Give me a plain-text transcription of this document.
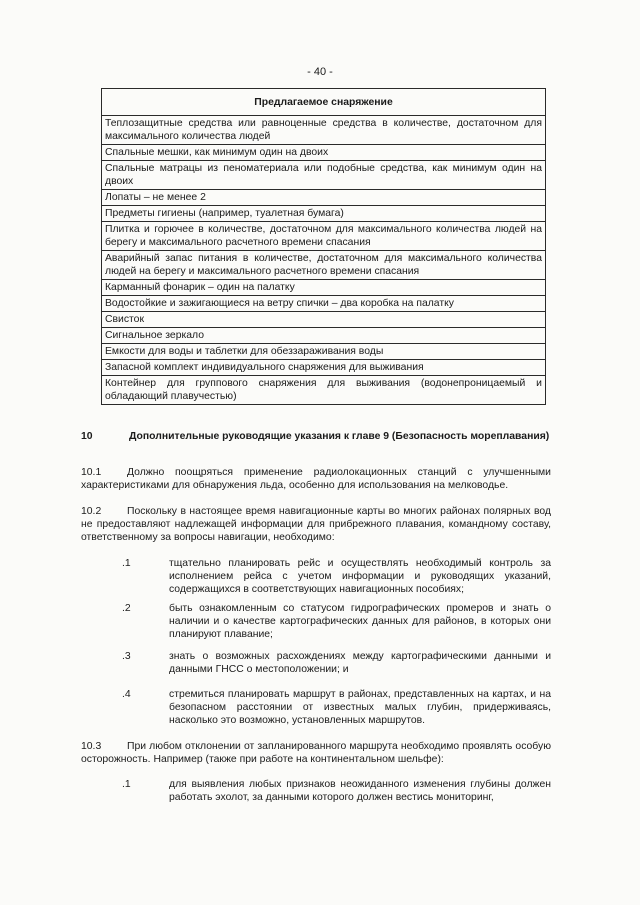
- 40 -
Предлагаемое снаряжение
Теплозащитные средства или равноценные средства в количестве, достаточном для максимального количества людей
Спальные мешки, как минимум один на двоих
Спальные матрацы из пеноматериала или подобные средства, как минимум один на двоих
Лопаты – не менее 2
Предметы гигиены (например, туалетная бумага)
Плитка и горючее в количестве, достаточном для максимального количества людей на берегу и максимального расчетного времени спасания
Аварийный запас питания в количестве, достаточном для максимального количества людей на берегу и максимального расчетного времени спасания
Карманный фонарик – один на палатку
Водостойкие и зажигающиеся на ветру спички – два коробка на палатку
Свисток
Сигнальное зеркало
Емкости для воды и таблетки для обеззараживания воды
Запасной комплект индивидуального снаряжения для выживания
Контейнер для группового снаряжения для выживания (водонепроницаемый и обладающий плавучестью)
10	Дополнительные руководящие указания к главе 9 (Безопасность мореплавания)
10.1 Должно поощряться применение радиолокационных станций с улучшенными характеристиками для обнаружения льда, особенно для использования на мелководье.
10.2 Поскольку в настоящее время навигационные карты во многих районах полярных вод не предоставляют надлежащей информации для прибрежного плавания, командному составу, ответственному за вопросы навигации, необходимо:
.1	тщательно планировать рейс и осуществлять необходимый контроль за исполнением рейса с учетом информации и руководящих указаний, содержащихся в соответствующих навигационных пособиях;
.2	быть ознакомленным со статусом гидрографических промеров и знать о наличии и о качестве картографических данных для районов, в которых они планируют плавание;
.3	знать о возможных расхождениях между картографическими данными и данными ГНСС о местоположении; и
.4	стремиться планировать маршрут в районах, представленных на картах, и на безопасном расстоянии от известных малых глубин, придерживаясь, насколько это возможно, установленных маршрутов.
10.3 При любом отклонении от запланированного маршрута необходимо проявлять особую осторожность. Например (также при работе на континентальном шельфе):
.1	для выявления любых признаков неожиданного изменения глубины должен работать эхолот, за данными которого должен вестись мониторинг,
